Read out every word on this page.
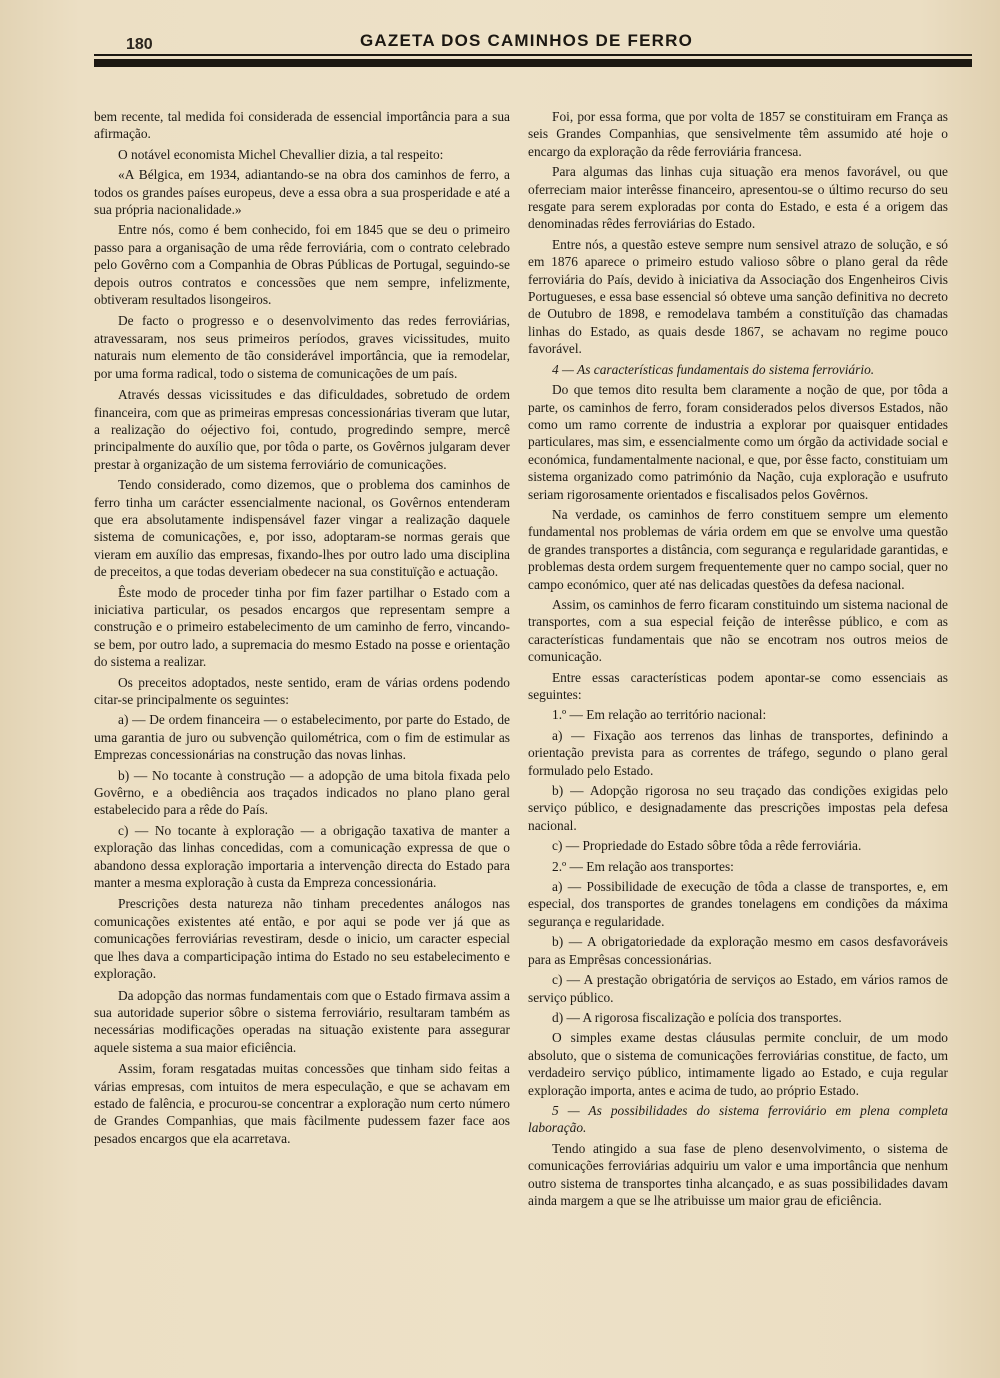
180	GAZETA DOS CAMINHOS DE FERRO

bem recente, tal medida foi considerada de essencial importância para a sua afirmação.

O notável economista Michel Chevallier dizia, a tal respeito:

«A Bélgica, em 1934, adiantando-se na obra dos caminhos de ferro, a todos os grandes países europeus, deve a essa obra a sua prosperidade e até a sua própria nacionalidade.»

Entre nós, como é bem conhecido, foi em 1845 que se deu o primeiro passo para a organisação de uma rêde ferroviária, com o contrato celebrado pelo Govêrno com a Companhia de Obras Públicas de Portugal, seguindo-se depois outros contratos e concessões que nem sempre, infelizmente, obtiveram resultados lisongeiros.

De facto o progresso e o desenvolvimento das redes ferroviárias, atravessaram, nos seus primeiros períodos, graves vicissitudes, muito naturais num elemento de tão considerável importância, que ia remodelar, por uma forma radical, todo o sistema de comunicações de um país.

Através dessas vicissitudes e das dificuldades, sobretudo de ordem financeira, com que as primeiras empresas concessionárias tiveram que lutar, a realização do oéjectivo foi, contudo, progredindo sempre, mercê principalmente do auxílio que, por tôda o parte, os Govêrnos julgaram dever prestar à organização de um sistema ferroviário de comunicações.

Tendo considerado, como dizemos, que o problema dos caminhos de ferro tinha um carácter essencialmente nacional, os Govêrnos entenderam que era absolutamente indispensável fazer vingar a realização daquele sistema de comunicações, e, por isso, adoptaram-se normas gerais que vieram em auxílio das empresas, fixando-lhes por outro lado uma disciplina de preceitos, a que todas deveriam obedecer na sua constituïção e actuação.

Êste modo de proceder tinha por fim fazer partilhar o Estado com a iniciativa particular, os pesados encargos que representam sempre a construção e o primeiro estabelecimento de um caminho de ferro, vincando-se bem, por outro lado, a supremacia do mesmo Estado na posse e orientação do sistema a realizar.

Os preceitos adoptados, neste sentido, eram de várias ordens podendo citar-se principalmente os seguintes:

a) — De ordem financeira — o estabelecimento, por parte do Estado, de uma garantia de juro ou subvenção quilométrica, com o fim de estimular as Emprezas concessionárias na construção das novas linhas.

b) — No tocante à construção — a adopção de uma bitola fixada pelo Govêrno, e a obediência aos traçados indicados no plano plano geral estabelecido para a rêde do País.

c) — No tocante à exploração — a obrigação taxativa de manter a exploração das linhas concedidas, com a comunicação expressa de que o abandono dessa exploração importaria a intervenção directa do Estado para manter a mesma exploração à custa da Empreza concessionária.

Prescrições desta natureza não tinham precedentes análogos nas comunicações existentes até então, e por aqui se pode ver já que as comunicações ferroviárias revestiram, desde o inicio, um caracter especial que lhes dava a comparticipação intima do Estado no seu estabelecimento e exploração.

Da adopção das normas fundamentais com que o Estado firmava assim a sua autoridade superior sôbre o sistema ferroviário, resultaram também as necessárias modificações operadas na situação existente para assegurar aquele sistema a sua maior eficiência.

Assim, foram resgatadas muitas concessões que tinham sido feitas a várias empresas, com intuitos de mera especulação, e que se achavam em estado de falência, e procurou-se concentrar a exploração num certo número de Grandes Companhias, que mais fàcilmente pudessem fazer face aos pesados encargos que ela acarretava.

Foi, por essa forma, que por volta de 1857 se constituiram em França as seis Grandes Companhias, que sensivelmente têm assumido até hoje o encargo da exploração da rêde ferroviária francesa.

Para algumas das linhas cuja situação era menos favorável, ou que oferreciam maior interêsse financeiro, apresentou-se o último recurso do seu resgate para serem exploradas por conta do Estado, e esta é a origem das denominadas rêdes ferroviárias do Estado.

Entre nós, a questão esteve sempre num sensivel atrazo de solução, e só em 1876 aparece o primeiro estudo valioso sôbre o plano geral da rêde ferroviária do País, devido à iniciativa da Associação dos Engenheiros Civis Portugueses, e essa base essencial só obteve uma sanção definitiva no decreto de Outubro de 1898, e remodelava também a constituïção das chamadas linhas do Estado, as quais desde 1867, se achavam no regime pouco favorável.

4 — As características fundamentais do sistema ferroviário.

Do que temos dito resulta bem claramente a noção de que, por tôda a parte, os caminhos de ferro, foram considerados pelos diversos Estados, não como um ramo corrente de industria a explorar por quaisquer entidades particulares, mas sim, e essencialmente como um órgão da actividade social e económica, fundamentalmente nacional, e que, por êsse facto, constituiam um sistema organizado como património da Nação, cuja exploração e usufruto seriam rigorosamente orientados e fiscalisados pelos Govêrnos.

Na verdade, os caminhos de ferro constituem sempre um elemento fundamental nos problemas de vária ordem em que se envolve uma questão de grandes transportes a distância, com segurança e regularidade garantidas, e problemas desta ordem surgem frequentemente quer no campo social, quer no campo económico, quer até nas delicadas questões da defesa nacional.

Assim, os caminhos de ferro ficaram constituindo um sistema nacional de transportes, com a sua especial feição de interêsse público, e com as características fundamentais que não se encotram nos outros meios de comunicação.

Entre essas características podem apontar-se como essenciais as seguintes:

1.º — Em relação ao território nacional:

a) — Fixação aos terrenos das linhas de transportes, definindo a orientação prevista para as correntes de tráfego, segundo o plano geral formulado pelo Estado.

b) — Adopção rigorosa no seu traçado das condições exigidas pelo serviço público, e designadamente das prescrições impostas pela defesa nacional.

c) — Propriedade do Estado sôbre tôda a rêde ferroviária.

2.º — Em relação aos transportes:

a) — Possibilidade de execução de tôda a classe de transportes, e, em especial, dos transportes de grandes tonelagens em condições da máxima segurança e regularidade.

b) — A obrigatoriedade da exploração mesmo em casos desfavoráveis para as Emprêsas concessionárias.

c) — A prestação obrigatória de serviços ao Estado, em vários ramos de serviço público.

d) — A rigorosa fiscalização e polícia dos transportes.

O simples exame destas cláusulas permite concluir, de um modo absoluto, que o sistema de comunicações ferroviárias constitue, de facto, um verdadeiro serviço público, intimamente ligado ao Estado, e cuja regular exploração importa, antes e acima de tudo, ao próprio Estado.

5 — As possibilidades do sistema ferroviário em plena completa laboração.

Tendo atingido a sua fase de pleno desenvolvimento, o sistema de comunicações ferroviárias adquiriu um valor e uma importância que nenhum outro sistema de transportes tinha alcançado, e as suas possibilidades davam ainda margem a que se lhe atribuisse um maior grau de eficiência.
